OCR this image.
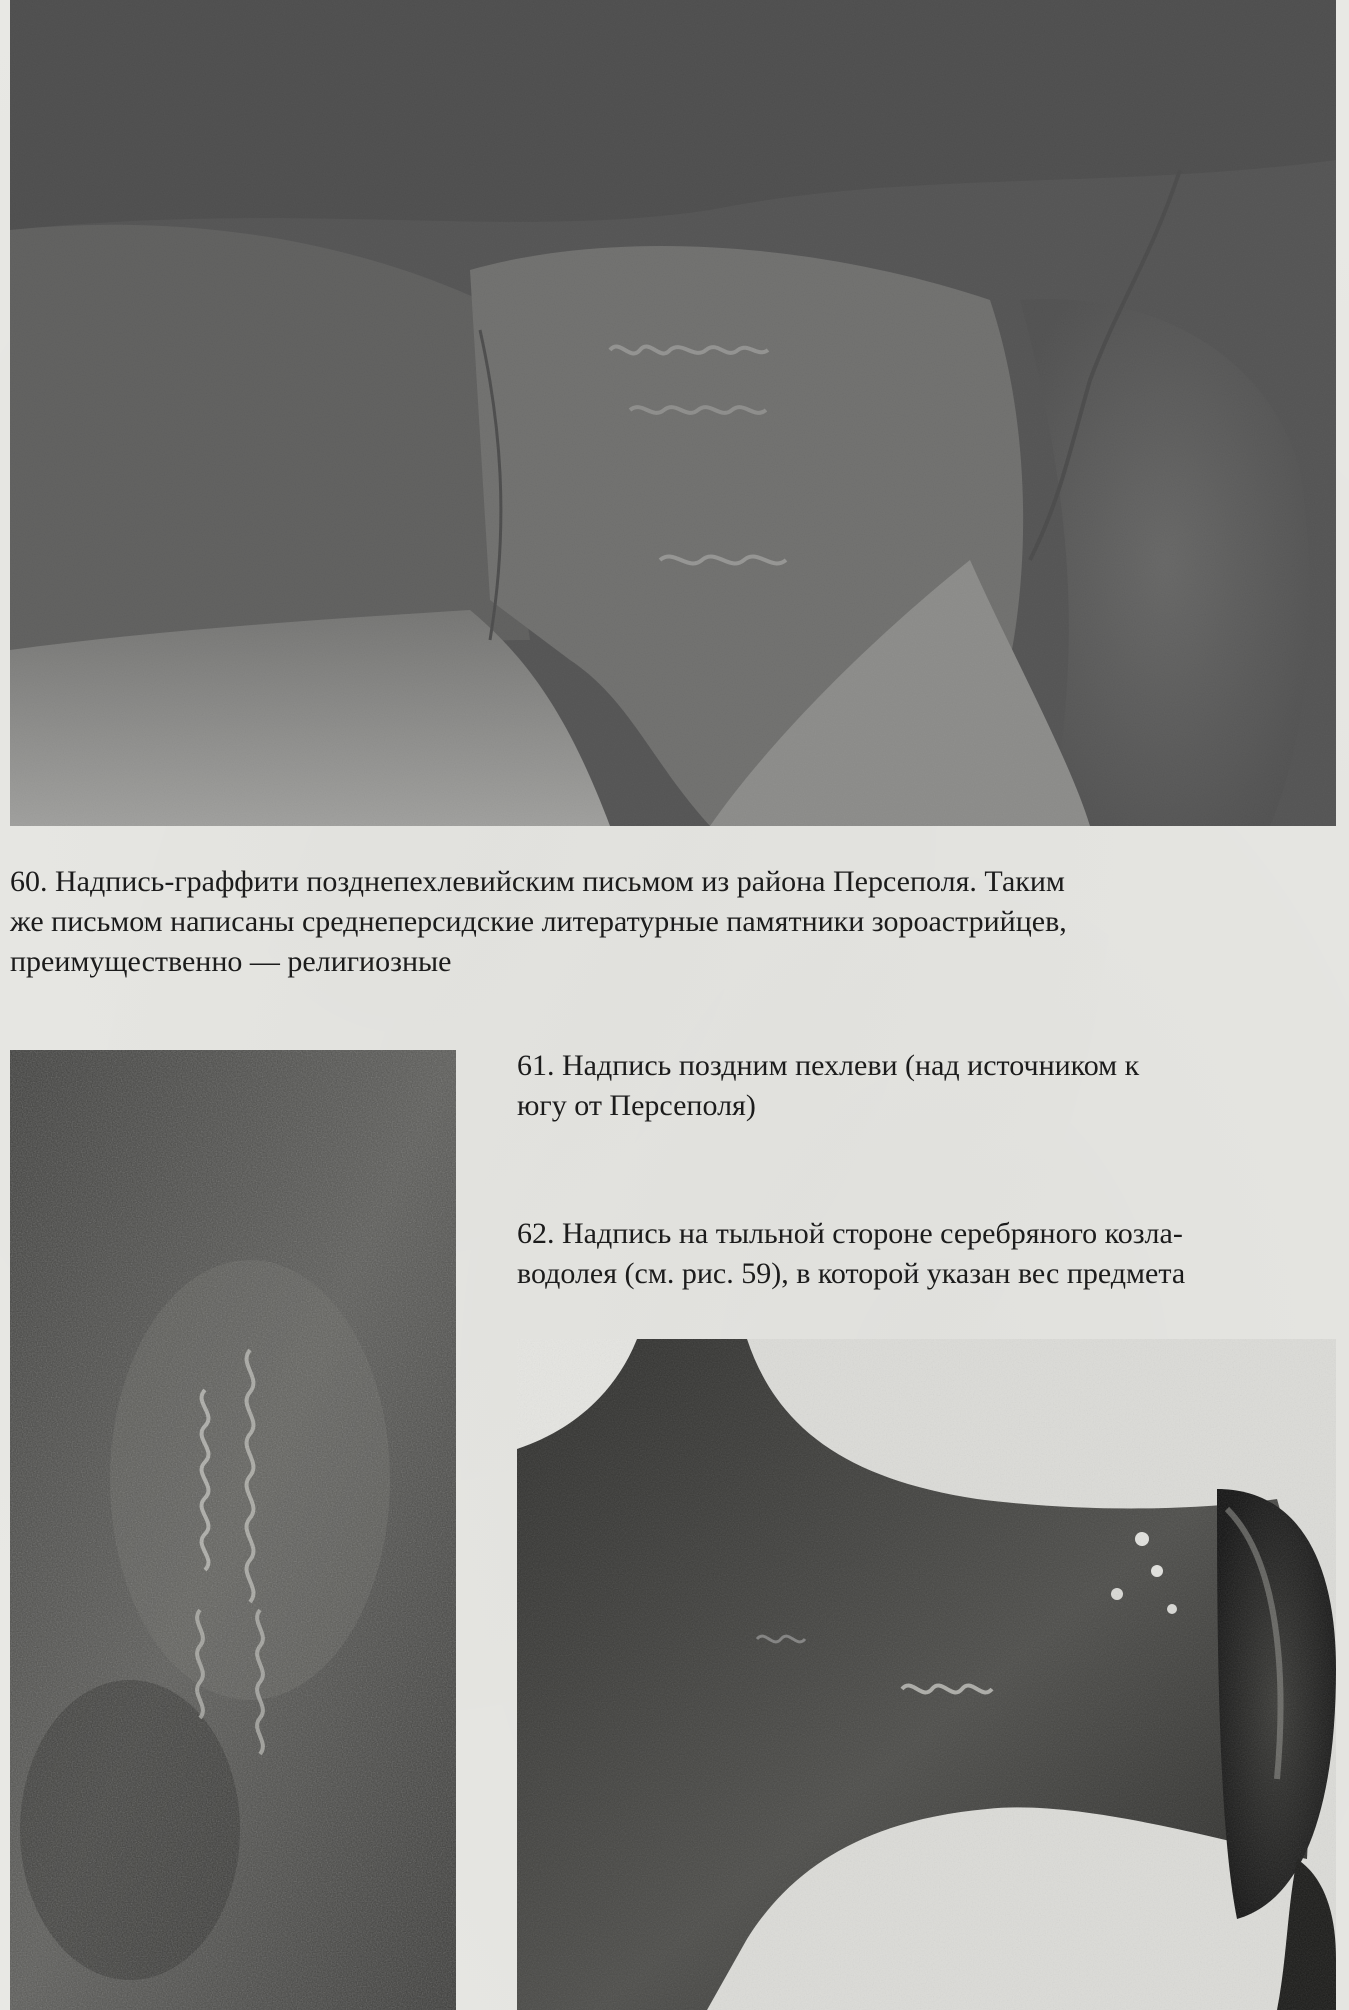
60. Надпись-граффити позднепехлевийским письмом из района Персеполя. Таким
же письмом написаны среднеперсидские литературные памятники зороастрийцев,
преимущественно — религиозные

61. Надпись поздним пехлеви (над источником к
югу от Персеполя)

62. Надпись на тыльной стороне серебряного козла-
водолея (см. рис. 59), в которой указан вес предмета
